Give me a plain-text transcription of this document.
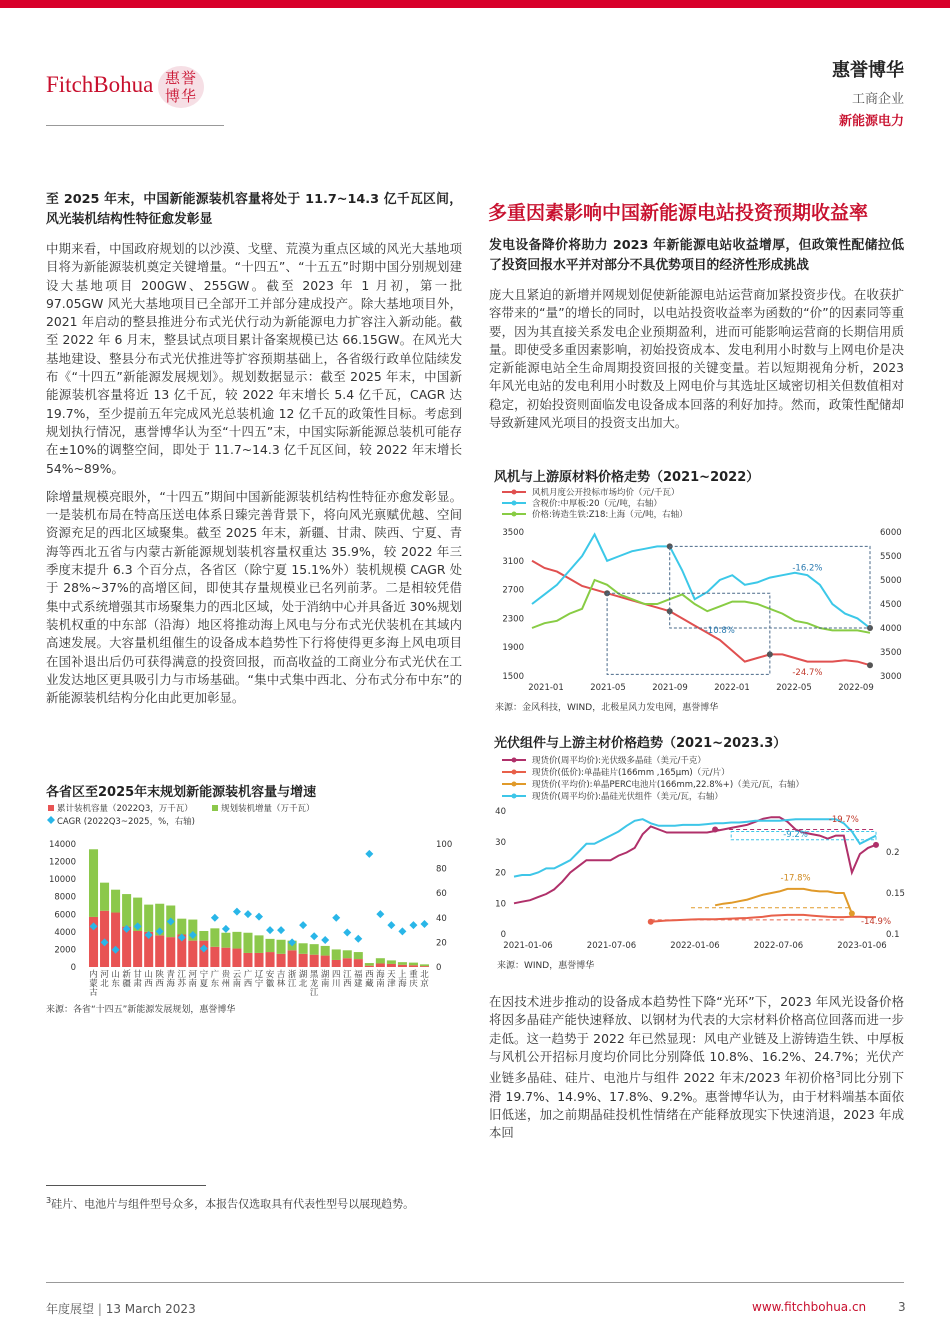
FitchBohua 惠誉博华
惠誉博华
工商企业
新能源电力
至 2025 年末，中国新能源装机容量将处于 11.7~14.3 亿千瓦区间，风光装机结构性特征愈发彰显
中期来看，中国政府规划的以沙漠、戈壁、荒漠为重点区域的风光大基地项目将为新能源装机奠定关键增量。“十四五”、“十五五”时期中国分别规划建设大基地项目 200GW、255GW。截至 2023 年 1 月初，第一批 97.05GW 风光大基地项目已全部开工并部分建成投产。除大基地项目外，2021 年启动的整县推进分布式光伏行动为新能源电力扩容注入新动能。截至 2022 年 6 月末，整县试点项目累计备案规模已达 66.15GW。在风光大基地建设、整县分布式光伏推进等扩容预期基础上，各省级行政单位陆续发布《“十四五”新能源发展规划》。规划数据显示：截至 2025 年末，中国新能源装机容量将近 13 亿千瓦，较 2022 年末增长 5.4 亿千瓦，CAGR 达 19.7%，至少提前五年完成风光总装机逾 12 亿千瓦的政策性目标。考虑到规划执行情况，惠誉博华认为至“十四五”末，中国实际新能源总装机可能存在±10%的调整空间，即处于 11.7~14.3 亿千瓦区间，较 2022 年末增长 54%~89%。
除增量规模亮眼外，“十四五”期间中国新能源装机结构性特征亦愈发彰显。一是装机布局在特高压送电体系日臻完善背景下，将向风光禀赋优越、空间资源充足的西北区域聚集。截至 2025 年末，新疆、甘肃、陕西、宁夏、青海等西北五省与内蒙古新能源规划装机容量权重达 35.9%，较 2022 年三季度末提升 6.3 个百分点，各省区（除宁夏 15.1%外）装机规模 CAGR 处于 28%~37%的高增区间，即使其存量规模业已名列前茅。二是相较凭借集中式系统增强其市场聚集力的西北区域，处于消纳中心并具备近 30%规划装机权重的中东部（沿海）地区将推动海上风电与分布式光伏装机在其域内高速发展。大容量机组催生的设备成本趋势性下行将使得更多海上风电项目在国补退出后仍可获得满意的投资回报，而高收益的工商业分布式光伏在工业发达地区更具吸引力与市场基础。“集中式集中西北、分布式分布中东”的新能源装机结构分化由此更加彰显。
各省区至2025年末规划新能源装机容量与增速
累计装机容量（2022Q3，万千瓦）	规划装机增量（万千瓦）
CAGR (2022Q3~2025，%，右轴)
0
2000
4000
6000
8000
10000
12000
14000
0
20
40
60
80
100
内蒙古
河北
山东
新疆
甘肃
山西
陕西
青海
江苏
河南
宁夏
广东
贵州
云南
广西
辽宁
安徽
吉林
浙江
湖北
黑龙江
湖南
四川
江西
福建
西藏
海南
天津
上海
重庆
北京
来源：各省“十四五”新能源发展规划，惠誉博华
多重因素影响中国新能源电站投资预期收益率
发电设备降价将助力 2023 年新能源电站收益增厚，但政策性配储拉低了投资回报水平并对部分不具优势项目的经济性形成挑战
庞大且紧迫的新增并网规划促使新能源电站运营商加紧投资步伐。在收获扩容带来的“量”的增长的同时，以电站投资收益率为函数的“价”的因素同等重要，因为其直接关系发电企业预期盈利，进而可能影响运营商的长期信用质量。即使受多重因素影响，初始投资成本、发电利用小时数与上网电价是决定新能源电站全生命周期投资回报的关键变量。若以短期视角分析，2023 年风光电站的发电利用小时数及上网电价与其选址区域密切相关但数值相对稳定，初始投资则面临发电设备成本回落的利好加持。然而，政策性配储却导致新建风光项目的投资支出加大。
风机与上游原材料价格走势（2021~2022）
风机月度公开投标市场均价（元/千瓦）
含税价:中厚板:20（元/吨，右轴）
价格:铸造生铁:Z18:上海（元/吨，右轴）
1500
1900
2300
2700
3100
3500
3000
3500
4000
4500
5000
5500
6000
2021-01	2021-05	2021-09	2022-01	2022-05	2022-09
-16.2%
-10.8%
-24.7%
来源：金风科技，WIND，北极星风力发电网，惠誉博华
光伏组件与上游主材价格趋势（2021~2023.3）
现货价(周平均价):光伏级多晶硅（美元/千克）
现货价(低价):单晶硅片(166mm ,165μm)（元/片）
现货价(平均价):单晶PERC电池片(166mm,22.8%+)（美元/瓦，右轴）
现货价(周平均价):晶硅光伏组件（美元/瓦，右轴）
0
10
20
30
40
0.1
0.15
0.2
2021-01-06	2021-07-06	2022-01-06	2022-07-06	2023-01-06
-19.7%
-9.2%
-17.8%
-14.9%
来源：WIND，惠誉博华
在因技术进步推动的设备成本趋势性下降“光环”下，2023 年风光设备价格将因多晶硅产能快速释放、以钢材为代表的大宗材料价格高位回落而进一步走低。这一趋势于 2022 年已然显现：风电产业链及上游铸造生铁、中厚板与风机公开招标月度均价同比分别降低 10.8%、16.2%、24.7%；光伏产业链多晶硅、硅片、电池片与组件 2022 年末/2023 年初价格$^3$同比分别下滑 19.7%、14.9%、17.8%、9.2%。惠誉博华认为，由于材料端基本面依旧低迷，加之前期晶硅投机性情绪在产能释放现实下快速消退，2023 年成本回
$^3$硅片、电池片与组件型号众多，本报告仅选取具有代表性型号以展现趋势。
年度展望 | 13 March 2023	www.fitchbohua.cn	3
